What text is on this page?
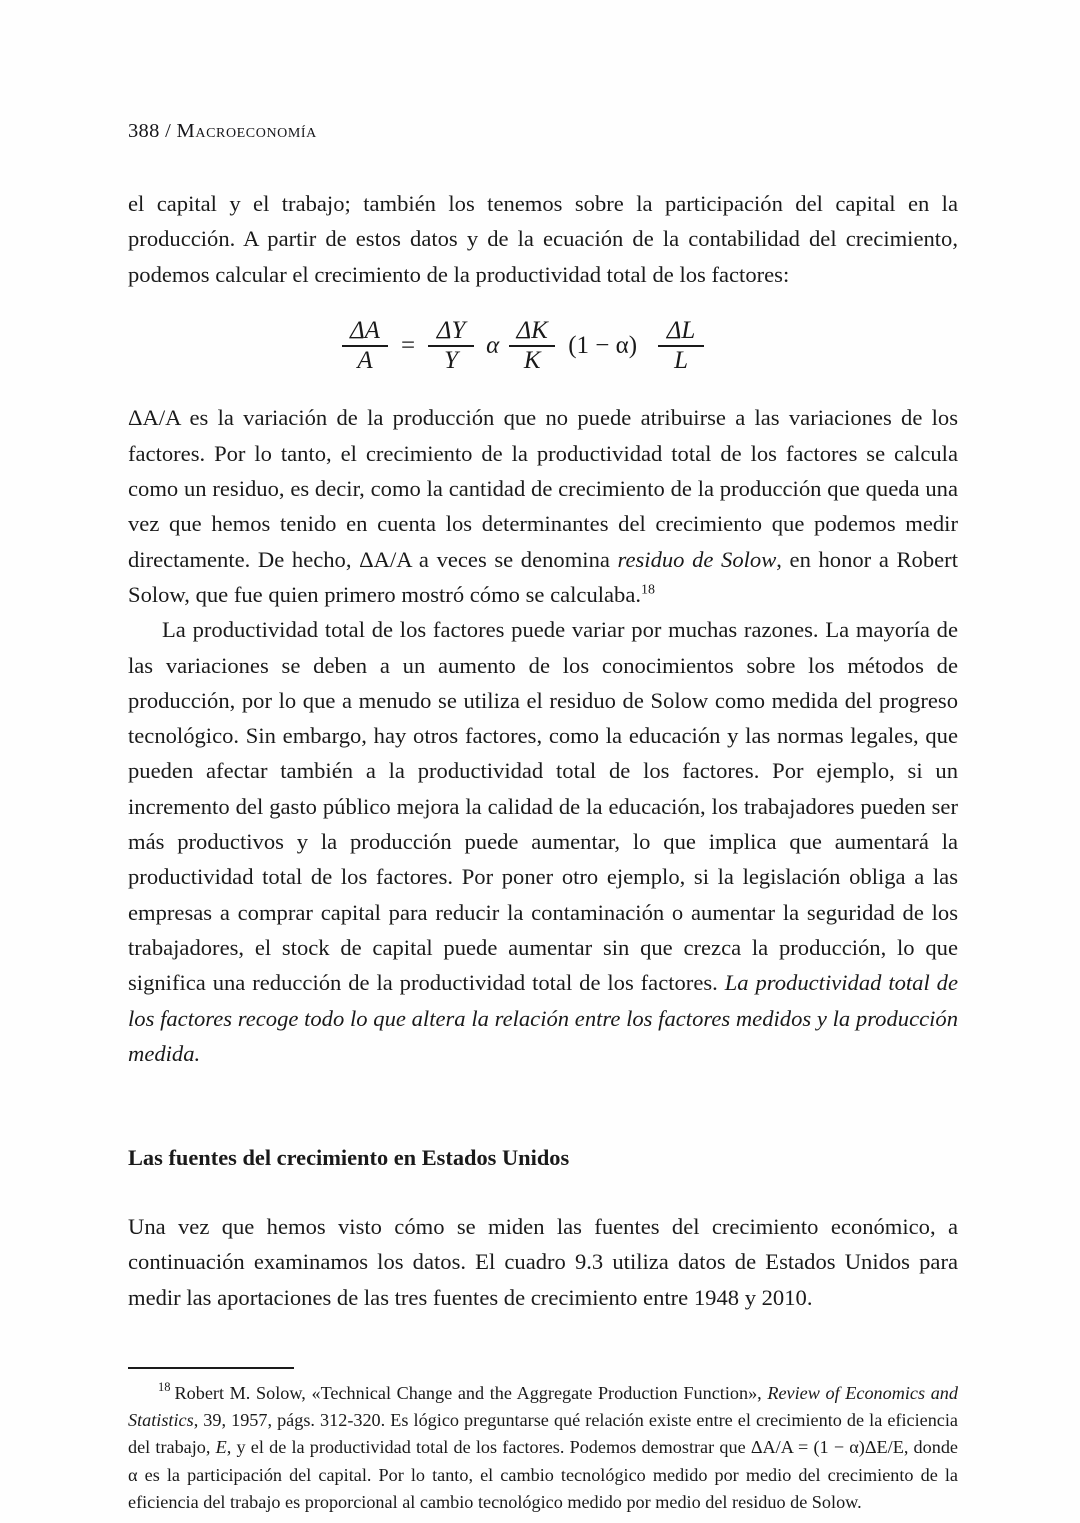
388 / Macroeconomía

el capital y el trabajo; también los tenemos sobre la participación del capital en la producción. A partir de estos datos y de la ecuación de la contabilidad del crecimiento, podemos calcular el crecimiento de la productividad total de los factores:

$\frac{\Delta A}{A} = \frac{\Delta Y}{Y}$ α $\frac{\Delta K}{K} (1 - \alpha) \frac{\Delta L}{L}$

ΔA/A es la variación de la producción que no puede atribuirse a las variaciones de los factores. Por lo tanto, el crecimiento de la productividad total de los factores se calcula como un residuo, es decir, como la cantidad de crecimiento de la producción que queda una vez que hemos tenido en cuenta los determinantes del crecimiento que podemos medir directamente. De hecho, ΔA/A a veces se denomina residuo de Solow, en honor a Robert Solow, que fue quien primero mostró cómo se calculaba.$^{18}$

La productividad total de los factores puede variar por muchas razones. La mayoría de las variaciones se deben a un aumento de los conocimientos sobre los métodos de producción, por lo que a menudo se utiliza el residuo de Solow como medida del progreso tecnológico. Sin embargo, hay otros factores, como la educación y las normas legales, que pueden afectar también a la productividad total de los factores. Por ejemplo, si un incremento del gasto público mejora la calidad de la educación, los trabajadores pueden ser más productivos y la producción puede aumentar, lo que implica que aumentará la productividad total de los factores. Por poner otro ejemplo, si la legislación obliga a las empresas a comprar capital para reducir la contaminación o aumentar la seguridad de los trabajadores, el stock de capital puede aumentar sin que crezca la producción, lo que significa una reducción de la productividad total de los factores. La productividad total de los factores recoge todo lo que altera la relación entre los factores medidos y la producción medida.

Las fuentes del crecimiento en Estados Unidos

Una vez que hemos visto cómo se miden las fuentes del crecimiento económico, a continuación examinamos los datos. El cuadro 9.3 utiliza datos de Estados Unidos para medir las aportaciones de las tres fuentes de crecimiento entre 1948 y 2010.

$^{18}$ Robert M. Solow, «Technical Change and the Aggregate Production Function», Review of Economics and Statistics, 39, 1957, págs. 312-320. Es lógico preguntarse qué relación existe entre el crecimiento de la eficiencia del trabajo, E, y el de la productividad total de los factores. Podemos demostrar que ΔA/A = (1 − α)ΔE/E, donde α es la participación del capital. Por lo tanto, el cambio tecnológico medido por medio del crecimiento de la eficiencia del trabajo es proporcional al cambio tecnológico medido por medio del residuo de Solow.
